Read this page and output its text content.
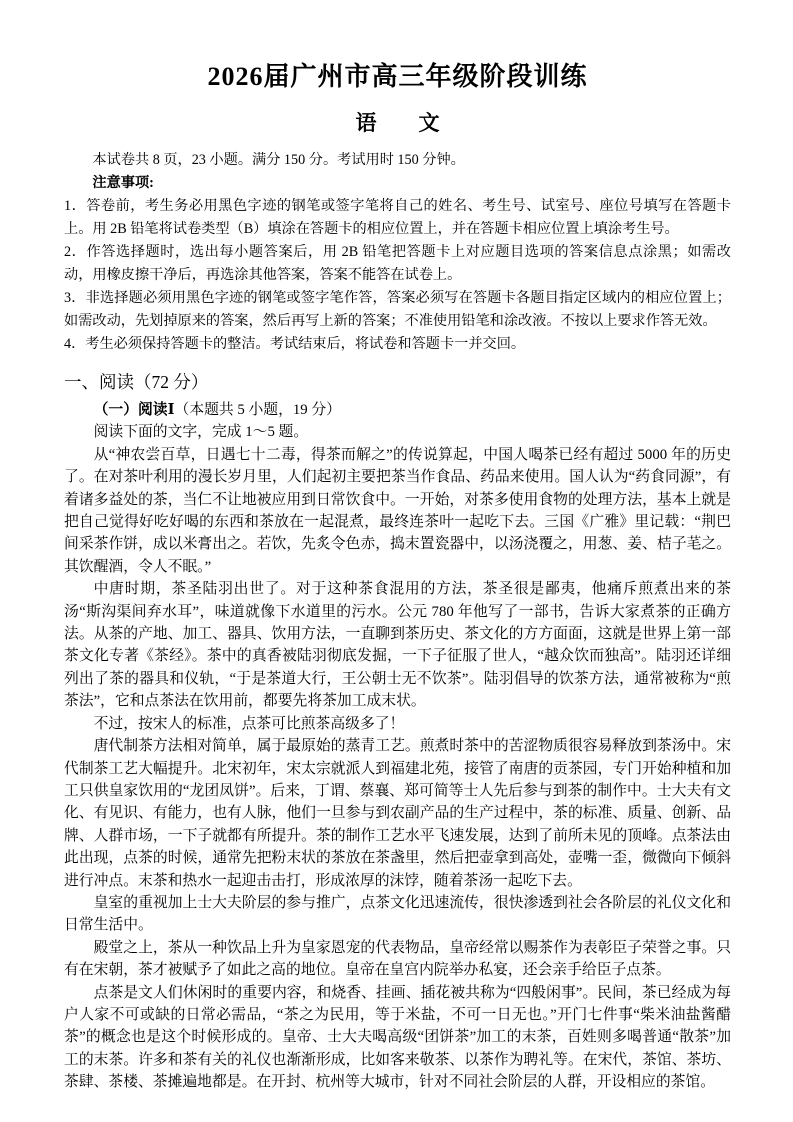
2026届广州市高三年级阶段训练
语　　文

本试卷共 8 页，23 小题。满分 150 分。考试用时 150 分钟。

注意事项:

1．答卷前，考生务必用黑色字迹的钢笔或签字笔将自己的姓名、考生号、试室号、座位号填写在答题卡上。用 2B 铅笔将试卷类型（B）填涂在答题卡的相应位置上，并在答题卡相应位置上填涂考生号。

2．作答选择题时，选出每小题答案后，用 2B 铅笔把答题卡上对应题目选项的答案信息点涂黑；如需改动，用橡皮擦干净后，再选涂其他答案，答案不能答在试卷上。

3．非选择题必须用黑色字迹的钢笔或签字笔作答，答案必须写在答题卡各题目指定区域内的相应位置上；如需改动，先划掉原来的答案，然后再写上新的答案；不准使用铅笔和涂改液。不按以上要求作答无效。

4．考生必须保持答题卡的整洁。考试结束后，将试卷和答题卡一并交回。

一、阅读（72 分）

（一）阅读Ⅰ（本题共 5 小题，19 分）

阅读下面的文字，完成 1～5 题。

从“神农尝百草，日遇七十二毒，得茶而解之”的传说算起，中国人喝茶已经有超过 5000 年的历史了。在对茶叶利用的漫长岁月里，人们起初主要把茶当作食品、药品来使用。国人认为“药食同源”，有着诸多益处的茶，当仁不让地被应用到日常饮食中。一开始，对茶多使用食物的处理方法，基本上就是把自己觉得好吃好喝的东西和茶放在一起混煮，最终连茶叶一起吃下去。三国《广雅》里记载：“荆巴间采茶作饼，成以米膏出之。若饮，先炙令色赤，捣末置瓷器中，以汤浇覆之，用葱、姜、桔子芼之。其饮醒酒，令人不眠。”

中唐时期，茶圣陆羽出世了。对于这种茶食混用的方法，茶圣很是鄙夷，他痛斥煎煮出来的茶汤“斯沟渠间弃水耳”，味道就像下水道里的污水。公元 780 年他写了一部书，告诉大家煮茶的正确方法。从茶的产地、加工、器具、饮用方法，一直聊到茶历史、茶文化的方方面面，这就是世界上第一部茶文化专著《茶经》。茶中的真香被陆羽彻底发掘，一下子征服了世人，“越众饮而独高”。陆羽还详细列出了茶的器具和仪轨，“于是茶道大行，王公朝士无不饮茶”。陆羽倡导的饮茶方法，通常被称为“煎茶法”，它和点茶法在饮用前，都要先将茶加工成末状。

不过，按宋人的标准，点茶可比煎茶高级多了！

唐代制茶方法相对简单，属于最原始的蒸青工艺。煎煮时茶中的苦涩物质很容易释放到茶汤中。宋代制茶工艺大幅提升。北宋初年，宋太宗就派人到福建北苑，接管了南唐的贡茶园，专门开始种植和加工只供皇家饮用的“龙团凤饼”。后来，丁谓、蔡襄、郑可简等士人先后参与到茶的制作中。士大夫有文化、有见识、有能力，也有人脉，他们一旦参与到农副产品的生产过程中，茶的标准、质量、创新、品牌、人群市场，一下子就都有所提升。茶的制作工艺水平飞速发展，达到了前所未见的顶峰。点茶法由此出现，点茶的时候，通常先把粉末状的茶放在茶盏里，然后把壶拿到高处，壶嘴一歪，微微向下倾斜进行冲点。末茶和热水一起迎击击打，形成浓厚的沫饽，随着茶汤一起吃下去。

皇室的重视加上士大夫阶层的参与推广，点茶文化迅速流传，很快渗透到社会各阶层的礼仪文化和日常生活中。

殿堂之上，茶从一种饮品上升为皇家恩宠的代表物品，皇帝经常以赐茶作为表彰臣子荣誉之事。只有在宋朝，茶才被赋予了如此之高的地位。皇帝在皇宫内院举办私宴，还会亲手给臣子点茶。

点茶是文人们休闲时的重要内容，和烧香、挂画、插花被共称为“四般闲事”。民间，茶已经成为每户人家不可或缺的日常必需品，“茶之为民用，等于米盐，不可一日无也。”开门七件事“柴米油盐酱醋茶”的概念也是这个时候形成的。皇帝、士大夫喝高级“团饼茶”加工的末茶，百姓则多喝普通“散茶”加工的末茶。许多和茶有关的礼仪也渐渐形成，比如客来敬茶、以茶作为聘礼等。在宋代，茶馆、茶坊、茶肆、茶楼、茶摊遍地都是。在开封、杭州等大城市，针对不同社会阶层的人群，开设相应的茶馆。
